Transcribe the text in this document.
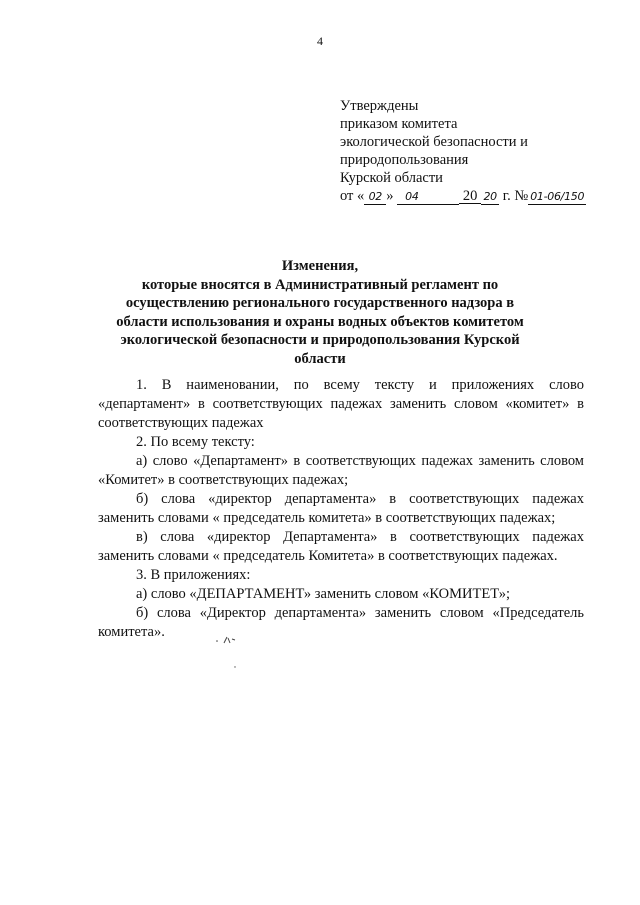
4
Утверждены
приказом комитета
экологической безопасности и
природопользования
Курской области
от « 02 » 04	20 20 г. № 01-06/150
Изменения,
которые вносятся в Административный регламент по
осуществлению регионального государственного надзора в
области использования и охраны водных объектов комитетом
экологической безопасности и природопользования Курской
области
1. В наименовании, по всему тексту и приложениях слово «департамент» в соответствующих падежах заменить словом «комитет» в соответствующих падежах
2. По всему тексту:
а) слово «Департамент» в соответствующих падежах заменить словом «Комитет» в соответствующих падежах;
б) слова «директор департамента» в соответствующих падежах заменить словами « председатель комитета» в соответствующих падежах;
в) слова «директор Департамента» в соответствующих падежах заменить словами « председатель Комитета» в соответствующих падежах.
3. В приложениях:
а) слово «ДЕПАРТАМЕНТ» заменить словом «КОМИТЕТ»;
б) слова «Директор департамента» заменить словом «Председатель комитета».
